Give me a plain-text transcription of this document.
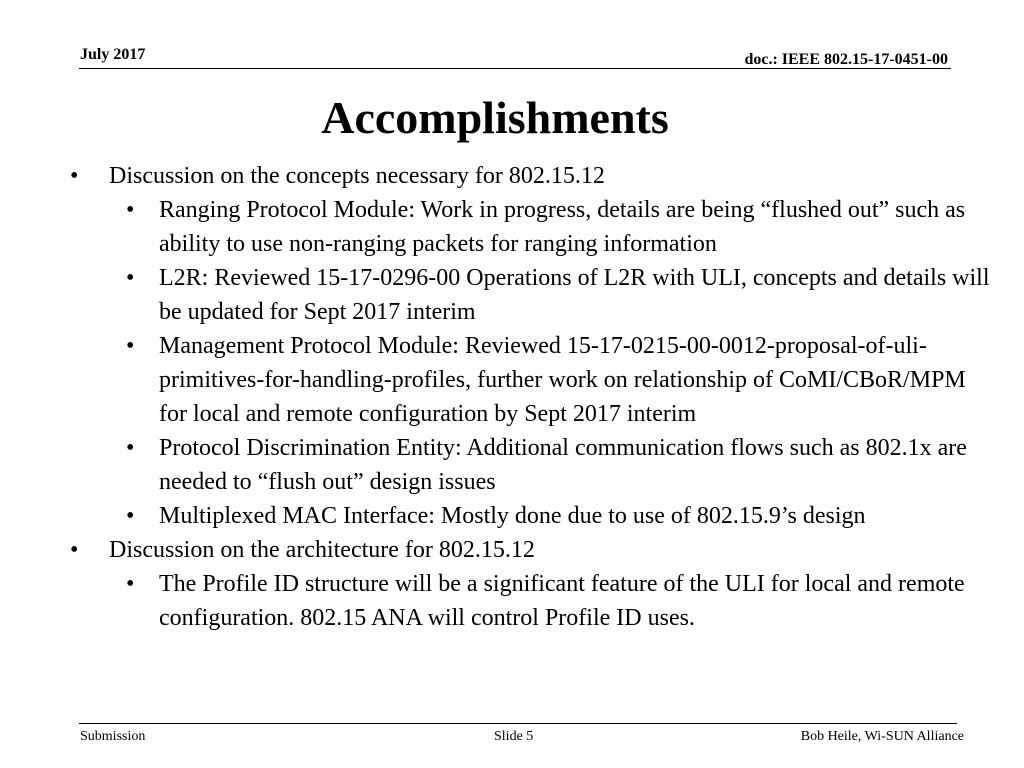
July 2017	doc.: IEEE 802.15-17-0451-00
Accomplishments
• Discussion on the concepts necessary for 802.15.12
• Ranging Protocol Module: Work in progress, details are being “flushed out” such as ability to use non-ranging packets for ranging information
• L2R: Reviewed 15-17-0296-00 Operations of L2R with ULI, concepts and details will be updated for Sept 2017 interim
• Management Protocol Module: Reviewed 15-17-0215-00-0012-proposal-of-uli-primitives-for-handling-profiles, further work on relationship of CoMI/CBoR/MPM for local and remote configuration by Sept 2017 interim
• Protocol Discrimination Entity: Additional communication flows such as 802.1x are needed to “flush out” design issues
• Multiplexed MAC Interface: Mostly done due to use of 802.15.9’s design
• Discussion on the architecture for 802.15.12
• The Profile ID structure will be a significant feature of the ULI for local and remote configuration. 802.15 ANA will control Profile ID uses.
Submission	Slide 5	Bob Heile, Wi-SUN Alliance
